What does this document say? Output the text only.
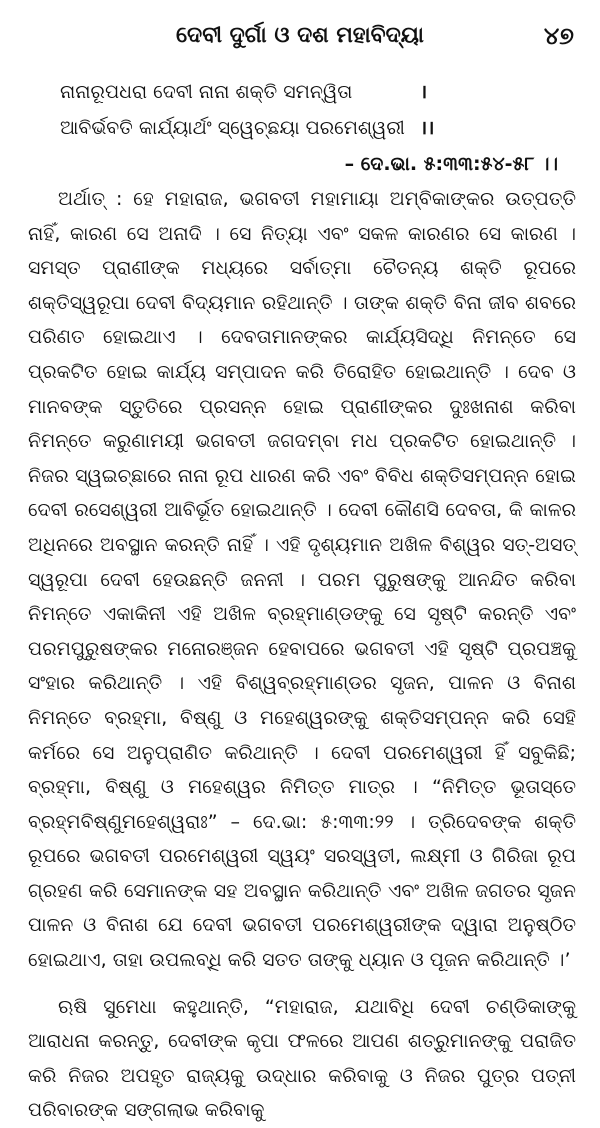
ଦେବୀ ଦୁର୍ଗା ଓ ଦଶ ମହାବିଦ୍ୟା	୪୭
ନାନାରୂପଧରା ଦେବୀ ନାନା ଶକ୍ତି ସମନ୍ୱିତା	।
ଆବିର୍ଭବତି କାର୍ଯ୍ୟାର୍ଥଂ ସ୍ୱେଚ୍ଛୟା ପରମେଶ୍ୱରୀ ।।
– ଦେ.ଭା. ୫:୩୩:୫୪-୫୮ ।।

ଅର୍ଥାତ୍ : ହେ ମହାରାଜ, ଭଗବତୀ ମହାମାୟା ଅମ୍ବିକାଙ୍କର ଉତ୍ପତ୍ତି ନାହିଁ, କାରଣ ସେ ଅନାଦି । ସେ ନିତ୍ୟା ଏବଂ ସକଳ କାରଣର ସେ କାରଣ । ସମସ୍ତ ପ୍ରାଣୀଙ୍କ ମଧ୍ୟରେ ସର୍ବାତ୍ମା ଚୈତନ୍ୟ ଶକ୍ତି ରୂପରେ ଶକ୍ତିସ୍ୱରୂପା ଦେବୀ ବିଦ୍ୟମାନ ରହିଥାନ୍ତି । ତାଙ୍କ ଶକ୍ତି ବିନା ଜୀବ ଶବରେ ପରିଣତ ହୋଇଥାଏ । ଦେବତାମାନଙ୍କର କାର୍ଯ୍ୟସିଦ୍ଧି ନିମନ୍ତେ ସେ ପ୍ରକଟିତ ହୋଇ କାର୍ଯ୍ୟ ସମ୍ପାଦନ କରି ତିରୋହିତ ହୋଇଥାନ୍ତି । ଦେବ ଓ ମାନବଙ୍କ ସ୍ତୁତିରେ ପ୍ରସନ୍ନ ହୋଇ ପ୍ରାଣୀଙ୍କର ଦୁଃଖନାଶ କରିବା ନିମନ୍ତେ କରୁଣାମୟୀ ଭଗବତୀ ଜଗଦମ୍ବା ମଧ ପ୍ରକଟିତ ହୋଇଥାନ୍ତି । ନିଜର ସ୍ୱଇଚ୍ଛାରେ ନାନା ରୂପ ଧାରଣ କରି ଏବଂ ବିବିଧ ଶକ୍ତିସମ୍ପନ୍ନ ହୋଇ ଦେବୀ ରସେଶ୍ୱରୀ ଆବିର୍ଭୂତ ହୋଇଥାନ୍ତି । ଦେବୀ କୌଣସି ଦେବତା, କି କାଳର ଅଧିନରେ ଅବସ୍ଥାନ କରନ୍ତି ନାହିଁ । ଏହି ଦୃଶ୍ୟମାନ ଅଖିଳ ବିଶ୍ୱର ସତ୍-ଅସତ୍ ସ୍ୱରୂପା ଦେବୀ ହେଉଛନ୍ତି ଜନନୀ । ପରମ ପୁରୁଷଙ୍କୁ ଆନନ୍ଦିତ କରିବା ନିମନ୍ତେ ଏକାକିନୀ ଏହି ଅଖିଳ ବ୍ରହ୍ମାଣ୍ଡଙ୍କୁ ସେ ସୃଷ୍ଟି କରନ୍ତି ଏବଂ ପରମପୁରୁଷଙ୍କର ମନୋରଞ୍ଜନ ହେବାପରେ ଭଗବତୀ ଏହି ସୃଷ୍ଟି ପ୍ରପଞ୍ଚକୁ ସଂହାର କରିଥାନ୍ତି । ଏହି ବିଶ୍ୱବ୍ରହ୍ମାଣ୍ଡର ସୃଜନ, ପାଳନ ଓ ବିନାଶ ନିମନ୍ତେ ବ୍ରହ୍ମା, ବିଷ୍ଣୁ ଓ ମହେଶ୍ୱରଙ୍କୁ ଶକ୍ତିସମ୍ପନ୍ନ କରି ସେହି କର୍ମରେ ସେ ଅନୁପ୍ରାଣିତ କରିଥାନ୍ତି । ଦେବୀ ପରମେଶ୍ୱରୀ ହିଁ ସବୁକିଛି; ବ୍ରହ୍ମା, ବିଷ୍ଣୁ ଓ ମହେଶ୍ୱର ନିମିତ୍ତ ମାତ୍ର । “ନିମିତ୍ତ ଭୂତାସ୍ତେ ବ୍ରହ୍ମବିଷ୍ଣୁମହେଶ୍ୱରାଃ” – ଦେ.ଭା: ୫:୩୩:୨୨ । ତ୍ରିଦେବଙ୍କ ଶକ୍ତି ରୂପରେ ଭଗବତୀ ପରମେଶ୍ୱରୀ ସ୍ୱୟଂ ସରସ୍ୱତୀ, ଲକ୍ଷ୍ମୀ ଓ ଗିରିଜା ରୂପ ଗ୍ରହଣ କରି ସେମାନଙ୍କ ସହ ଅବସ୍ଥାନ କରିଥାନ୍ତି ଏବଂ ଅଖିଳ ଜଗତର ସୃଜନ ପାଳନ ଓ ବିନାଶ ଯେ ଦେବୀ ଭଗବତୀ ପରମେଶ୍ୱରୀଙ୍କ ଦ୍ୱାରା ଅନୁଷ୍ଠିତ ହୋଇଥାଏ, ତାହା ଉପଲବ୍ଧି କରି ସତତ ତାଙ୍କୁ ଧ୍ୟାନ ଓ ପୂଜନ କରିଥାନ୍ତି ।’

ଋଷି ସୁମେଧା କହୁଥାନ୍ତି, “ମହାରାଜ, ଯଥାବିଧି ଦେବୀ ଚଣ୍ଡିକାଙ୍କୁ ଆରାଧନା କରନ୍ତୁ, ଦେବୀଙ୍କ କୃପା ଫଳରେ ଆପଣ ଶତ୍ରୁମାନଙ୍କୁ ପରାଜିତ କରି ନିଜର ଅପହୃତ ରାଜ୍ୟକୁ ଉଦ୍ଧାର କରିବାକୁ ଓ ନିଜର ପୁତ୍ର ପତ୍ନୀ ପରିବାରଙ୍କ ସଙ୍ଗଲାଭ କରିବାକୁ
